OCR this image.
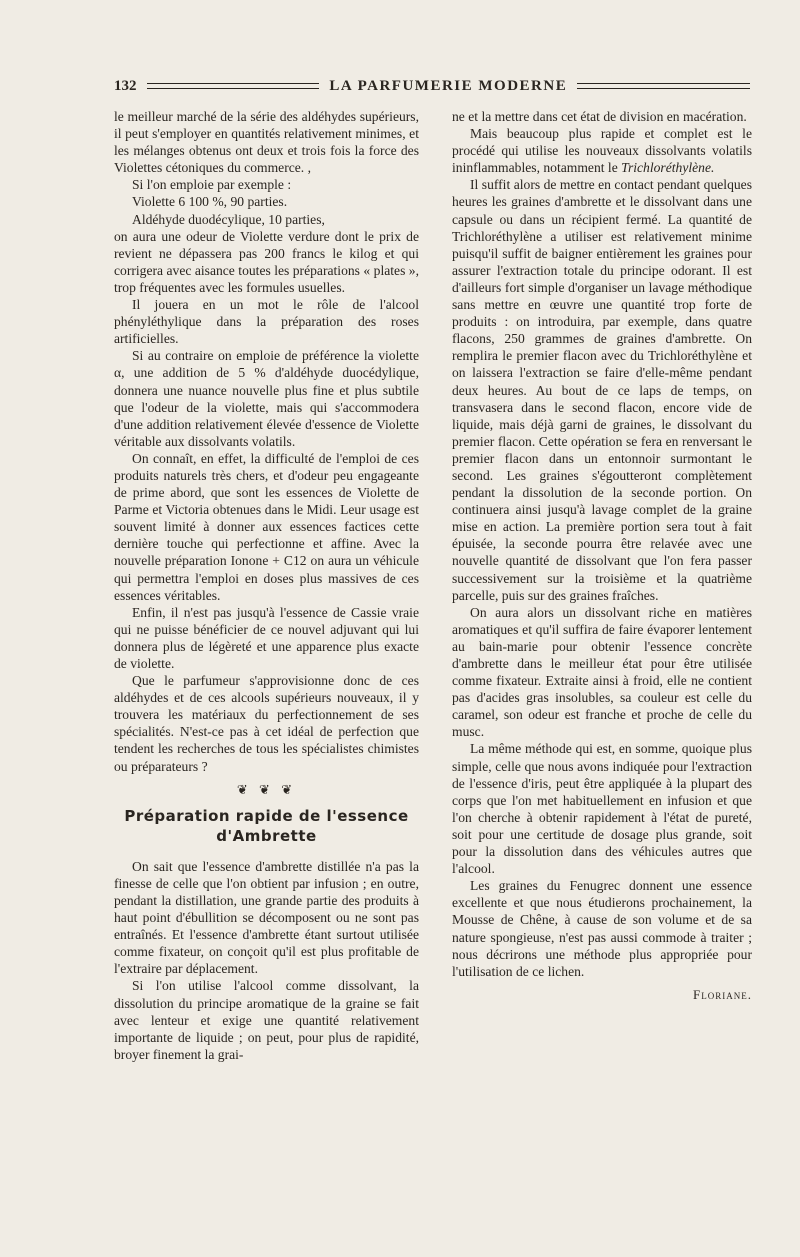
132	LA PARFUMERIE MODERNE

le meilleur marché de la série des aldéhydes supérieurs, il peut s'employer en quantités relativement minimes, et les mélanges obtenus ont deux et trois fois la force des Violettes cétoniques du commerce. ,

Si l'on emploie par exemple :

Violette 6 100 %, 90 parties.

Aldéhyde duodécylique, 10 parties,

on aura une odeur de Violette verdure dont le prix de revient ne dépassera pas 200 francs le kilog et qui corrigera avec aisance toutes les préparations « plates », trop fréquentes avec les formules usuelles.

Il jouera en un mot le rôle de l'alcool phényléthylique dans la préparation des roses artificielles.

Si au contraire on emploie de préférence la violette α, une addition de 5 % d'aldéhyde duocédylique, donnera une nuance nouvelle plus fine et plus subtile que l'odeur de la violette, mais qui s'accommodera d'une addition relativement élevée d'essence de Violette véritable aux dissolvants volatils.

On connaît, en effet, la difficulté de l'emploi de ces produits naturels très chers, et d'odeur peu engageante de prime abord, que sont les essences de Violette de Parme et Victoria obtenues dans le Midi. Leur usage est souvent limité à donner aux essences factices cette dernière touche qui perfectionne et affine. Avec la nouvelle préparation Ionone + C12 on aura un véhicule qui permettra l'emploi en doses plus massives de ces essences véritables.

Enfin, il n'est pas jusqu'à l'essence de Cassie vraie qui ne puisse bénéficier de ce nouvel adjuvant qui lui donnera plus de légèreté et une apparence plus exacte de violette.

Que le parfumeur s'approvisionne donc de ces aldéhydes et de ces alcools supérieurs nouveaux, il y trouvera les matériaux du perfectionnement de ses spécialités. N'est-ce pas à cet idéal de perfection que tendent les recherches de tous les spécialistes chimistes ou préparateurs ?

❦ ❦ ❦
Préparation rapide de l'essence
d'Ambrette

On sait que l'essence d'ambrette distillée n'a pas la finesse de celle que l'on obtient par infusion ; en outre, pendant la distillation, une grande partie des produits à haut point d'ébullition se décomposent ou ne sont pas entraînés. Et l'essence d'ambrette étant surtout utilisée comme fixateur, on conçoit qu'il est plus profitable de l'extraire par déplacement.

Si l'on utilise l'alcool comme dissolvant, la dissolution du principe aromatique de la graine se fait avec lenteur et exige une quantité relativement importante de liquide ; on peut, pour plus de rapidité, broyer finement la grai-

ne et la mettre dans cet état de division en macération.

Mais beaucoup plus rapide et complet est le procédé qui utilise les nouveaux dissolvants volatils ininflammables, notamment le Trichloréthylène.

Il suffit alors de mettre en contact pendant quelques heures les graines d'ambrette et le dissolvant dans une capsule ou dans un récipient fermé. La quantité de Trichloréthylène a utiliser est relativement minime puisqu'il suffit de baigner entièrement les graines pour assurer l'extraction totale du principe odorant. Il est d'ailleurs fort simple d'organiser un lavage méthodique sans mettre en œuvre une quantité trop forte de produits : on introduira, par exemple, dans quatre flacons, 250 grammes de graines d'ambrette. On remplira le premier flacon avec du Trichloréthylène et on laissera l'extraction se faire d'elle-même pendant deux heures. Au bout de ce laps de temps, on transvasera dans le second flacon, encore vide de liquide, mais déjà garni de graines, le dissolvant du premier flacon. Cette opération se fera en renversant le premier flacon dans un entonnoir surmontant le second. Les graines s'égoutteront complètement pendant la dissolution de la seconde portion. On continuera ainsi jusqu'à lavage complet de la graine mise en action. La première portion sera tout à fait épuisée, la seconde pourra être relavée avec une nouvelle quantité de dissolvant que l'on fera passer successivement sur la troisième et la quatrième parcelle, puis sur des graines fraîches.

On aura alors un dissolvant riche en matières aromatiques et qu'il suffira de faire évaporer lentement au bain-marie pour obtenir l'essence concrète d'ambrette dans le meilleur état pour être utilisée comme fixateur. Extraite ainsi à froid, elle ne contient pas d'acides gras insolubles, sa couleur est celle du caramel, son odeur est franche et proche de celle du musc.

La même méthode qui est, en somme, quoique plus simple, celle que nous avons indiquée pour l'extraction de l'essence d'iris, peut être appliquée à la plupart des corps que l'on met habituellement en infusion et que l'on cherche à obtenir rapidement à l'état de pureté, soit pour une certitude de dosage plus grande, soit pour la dissolution dans des véhicules autres que l'alcool.

Les graines du Fenugrec donnent une essence excellente et que nous étudierons prochainement, la Mousse de Chêne, à cause de son volume et de sa nature spongieuse, n'est pas aussi commode à traiter ; nous décrirons une méthode plus appropriée pour l'utilisation de ce lichen.

Floriane.
